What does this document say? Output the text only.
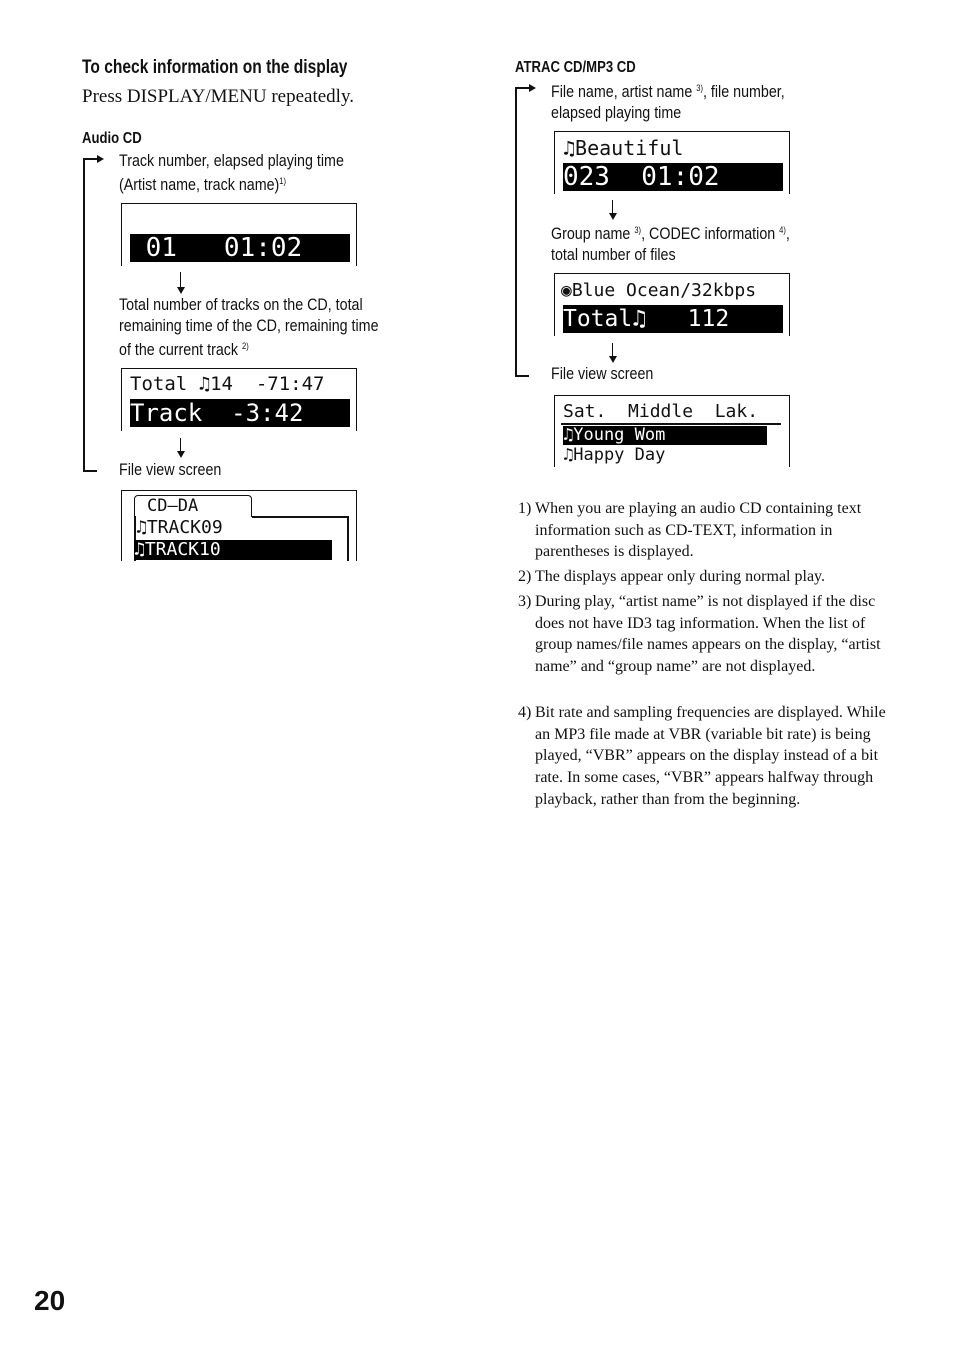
To check information on the display
Press DISPLAY/MENU repeatedly.
Audio CD
Track number, elapsed playing time
(Artist name, track name)$^{1)}$
01   01:02
Total number of tracks on the CD, total
remaining time of the CD, remaining time
of the current track $^{2)}$
Total ♫14  -71:47
Track  -3:42
File view screen
CD—DA
♫TRACK09
♫TRACK10
ATRAC CD/MP3 CD
File name, artist name $^{3)}$, file number,
elapsed playing time
♫Beautiful
023  01:02
Group name $^{3)}$, CODEC information $^{4)}$,
total number of files
◉Blue Ocean/32kbps
Total♫   112
File view screen
Sat.  Middle  Lak.
♫Young Wom
♫Happy Day
1) When you are playing an audio CD containing text information such as CD-TEXT, information in parentheses is displayed.
2) The displays appear only during normal play.
3) During play, “artist name” is not displayed if the disc does not have ID3 tag information. When the list of group names/file names appears on the display, “artist name” and “group name” are not displayed.
4) Bit rate and sampling frequencies are displayed. While an MP3 file made at VBR (variable bit rate) is being played, “VBR” appears on the display instead of a bit rate. In some cases, “VBR” appears halfway through playback, rather than from the beginning.
20
